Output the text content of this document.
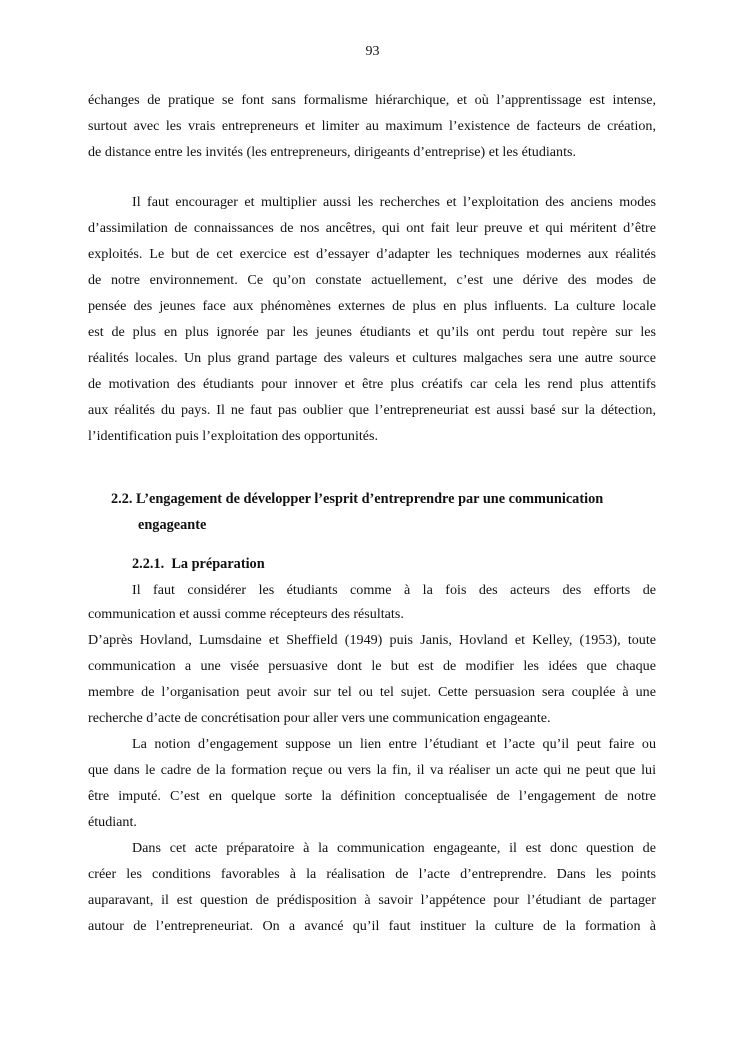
93
échanges de pratique se font sans formalisme hiérarchique, et où l’apprentissage est intense,
surtout avec les vrais entrepreneurs et limiter au maximum l’existence de facteurs de création,
de distance entre les invités (les entrepreneurs, dirigeants d’entreprise) et les étudiants.
Il faut encourager et multiplier aussi les recherches et l’exploitation des anciens modes
d’assimilation de connaissances de nos ancêtres, qui ont fait leur preuve et qui méritent d’être
exploités. Le but de cet exercice est d’essayer d’adapter les techniques modernes aux réalités
de notre environnement. Ce qu’on constate actuellement, c’est une dérive des modes de
pensée des jeunes face aux phénomènes externes de plus en plus influents. La culture locale
est de plus en plus ignorée par les jeunes étudiants et qu’ils ont perdu tout repère sur les
réalités locales. Un plus grand partage des valeurs et cultures malgaches sera une autre source
de motivation des étudiants pour innover et être plus créatifs car cela les rend plus attentifs
aux réalités du pays. Il ne faut pas oublier que l’entrepreneuriat est aussi basé sur la détection,
l’identification puis l’exploitation des opportunités.
2.2. L’engagement de développer l’esprit d’entreprendre par une communication
engageante
2.2.1. La préparation
Il faut considérer les étudiants comme à la fois des acteurs des efforts de
communication et aussi comme récepteurs des résultats.
D’après Hovland, Lumsdaine et Sheffield (1949) puis Janis, Hovland et Kelley, (1953), toute
communication a une visée persuasive dont le but est de modifier les idées que chaque
membre de l’organisation peut avoir sur tel ou tel sujet. Cette persuasion sera couplée à une
recherche d’acte de concrétisation pour aller vers une communication engageante.
La notion d’engagement suppose un lien entre l’étudiant et l’acte qu’il peut faire ou
que dans le cadre de la formation reçue ou vers la fin, il va réaliser un acte qui ne peut que lui
être imputé. C’est en quelque sorte la définition conceptualisée de l’engagement de notre
étudiant.
Dans cet acte préparatoire à la communication engageante, il est donc question de
créer les conditions favorables à la réalisation de l’acte d’entreprendre. Dans les points
auparavant, il est question de prédisposition à savoir l’appétence pour l’étudiant de partager
autour de l’entrepreneuriat. On a avancé qu’il faut instituer la culture de la formation à
